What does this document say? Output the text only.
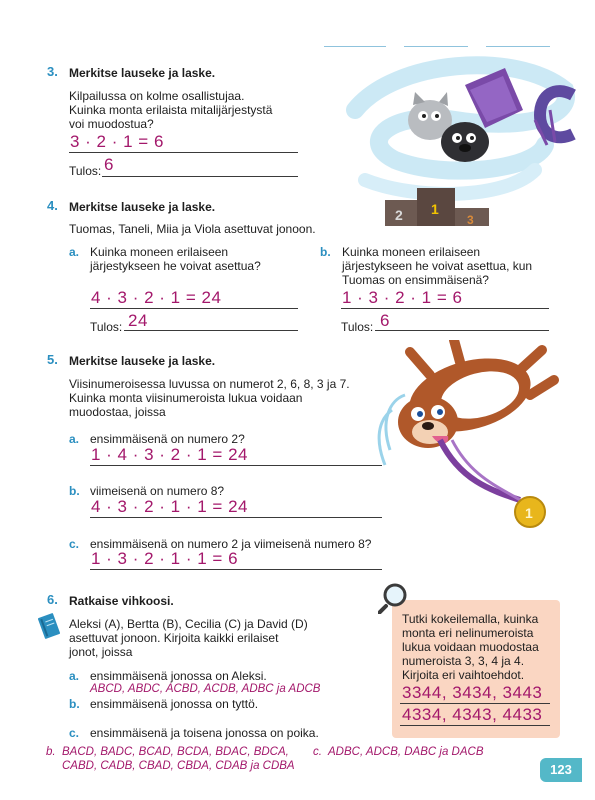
3. Merkitse lauseke ja laske.
Kilpailussa on kolme osallistujaa.
Kuinka monta erilaista mitalijärjestystä
voi muodostua?
3 · 2 · 1 = 6
Tulos: 6
2 1
3
4. Merkitse lauseke ja laske.
Tuomas, Taneli, Miia ja Viola asettuvat jonoon.
a. Kuinka moneen erilaiseen
järjestykseen he voivat asettua?
4 · 3 · 2 · 1 = 24
Tulos: 24
b. Kuinka moneen erilaiseen
järjestykseen he voivat asettua, kun
Tuomas on ensimmäisenä?
1 · 3 · 2 · 1 = 6
Tulos: 6
5. Merkitse lauseke ja laske.
Viisinumeroisessa luvussa on numerot 2, 6, 8, 3 ja 7.
Kuinka monta viisinumeroista lukua voidaan
muodostaa, joissa
a. ensimmäisenä on numero 2?
1 · 4 · 3 · 2 · 1 = 24
b. viimeisenä on numero 8?
4 · 3 · 2 · 1 · 1 = 24
c. ensimmäisenä on numero 2 ja viimeisenä numero 8?
1 · 3 · 2 · 1 · 1 = 6
1
6. Ratkaise vihkoosi.
Aleksi (A), Bertta (B), Cecilia (C) ja David (D)
asettuvat jonoon. Kirjoita kaikki erilaiset
jonot, joissa
a. ensimmäisenä jonossa on Aleksi.
ABCD, ABDC, ACBD, ACDB, ADBC ja ADCB
b. ensimmäisenä jonossa on tyttö.
c. ensimmäisenä ja toisena jonossa on poika.
b. BACD, BADC, BCAD, BCDA, BDAC, BDCA,
CABD, CADB, CBAD, CBDA, CDAB ja CDBA
c. ADBC, ADCB, DABC ja DACB
Tutki kokeilemalla, kuinka
monta eri nelinumeroista
lukua voidaan muodostaa
numeroista 3, 3, 4 ja 4.
Kirjoita eri vaihtoehdot.
3344, 3434, 3443
4334, 4343, 4433
123
